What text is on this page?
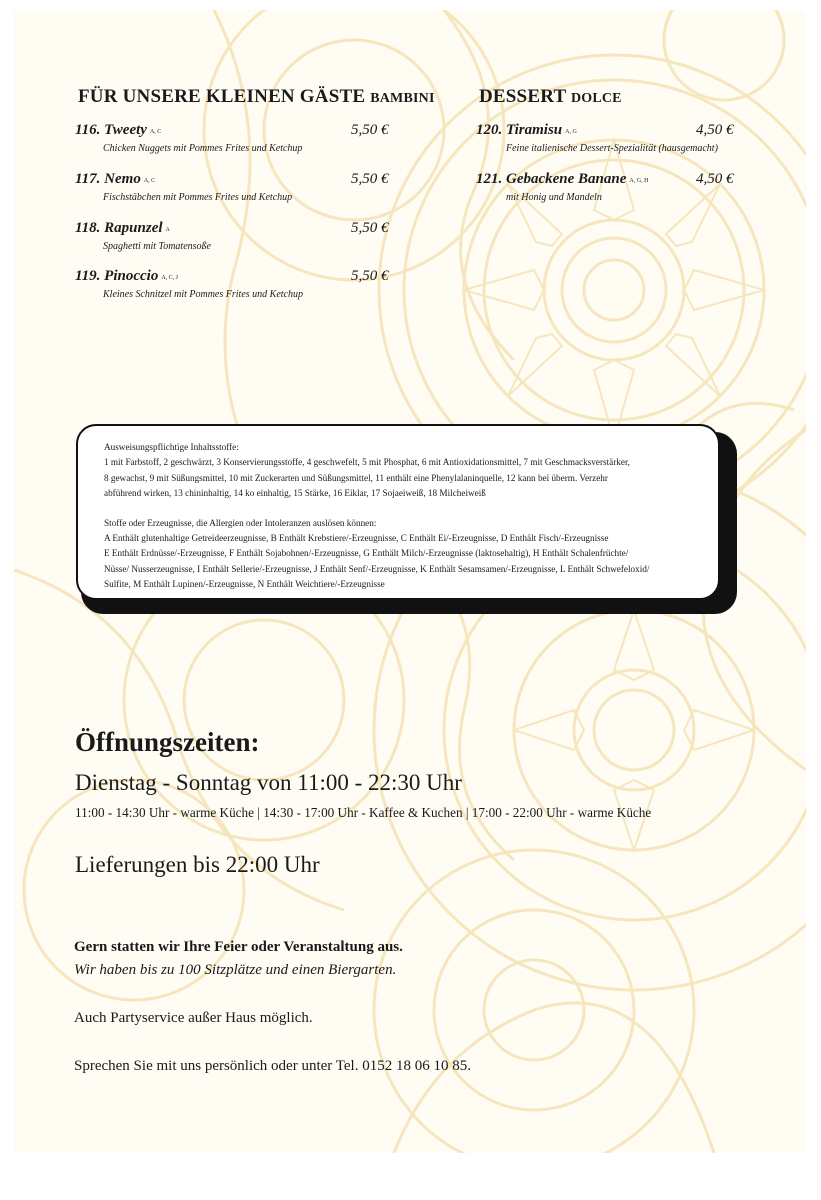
FÜR UNSERE KLEINEN GÄSTE BAMBINI
116. Tweety A, C
Chicken Nuggets mit Pommes Frites und Ketchup
5,50 €
117. Nemo A, C
Fischstäbchen mit Pommes Frites und Ketchup
5,50 €
118. Rapunzel A
Spaghetti mit Tomatensoße
5,50 €
119. Pinoccio A, C, J
Kleines Schnitzel mit Pommes Frites und Ketchup
5,50 €
DESSERT DOLCE
120. Tiramisu A, G
Feine italienische Dessert-Spezialität (hausgemacht)
4,50 €
121. Gebackene Banane A, G, H
mit Honig und Mandeln
4,50 €

Ausweisungspflichtige Inhaltsstoffe:

1 mit Farbstoff, 2 geschwärzt, 3 Konservierungsstoffe, 4 geschwefelt, 5 mit Phosphat, 6 mit Antioxidationsmittel, 7 mit Geschmacksverstärker,

8 gewachst, 9 mit Süßungsmittel, 10 mit Zuckerarten und Süßungsmittel, 11 enthält eine Phenylalaninquelle, 12 kann bei überm. Verzehr

abführend wirken, 13 chininhaltig, 14 ko einhaltig, 15 Stärke, 16 Eiklar, 17 Sojaeiweiß, 18 Milcheiweiß

Stoffe oder Erzeugnisse, die Allergien oder Intoleranzen auslösen können:

A Enthält glutenhaltige Getreideerzeugnisse, B Enthält Krebstiere/-Erzeugnisse, C Enthält Ei/-Erzeugnisse, D Enthält Fisch/-Erzeugnisse

E Enthält Erdnüsse/-Erzeugnisse, F Enthält Sojabohnen/-Erzeugnisse, G Enthält Milch/-Erzeugnisse (laktosehaltig), H Enthält Schalenfrüchte/

Nüsse/ Nusserzeugnisse, I Enthält Sellerie/-Erzeugnisse, J Enthält Senf/-Erzeugnisse, K Enthält Sesamsamen/-Erzeugnisse, L Enthält Schwefeloxid/

Sulfite, M Enthält Lupinen/-Erzeugnisse, N Enthält Weichtiere/-Erzeugnisse

Öffnungszeiten:
Dienstag - Sonntag von 11:00 - 22:30 Uhr
11:00 - 14:30 Uhr - warme Küche | 14:30 - 17:00 Uhr - Kaffee & Kuchen | 17:00 - 22:00 Uhr - warme Küche
Lieferungen bis 22:00 Uhr
Gern statten wir Ihre Feier oder Veranstaltung aus.
Wir haben bis zu 100 Sitzplätze und einen Biergarten.
Auch Partyservice außer Haus möglich.
Sprechen Sie mit uns persönlich oder unter Tel. 0152 18 06 10 85.
